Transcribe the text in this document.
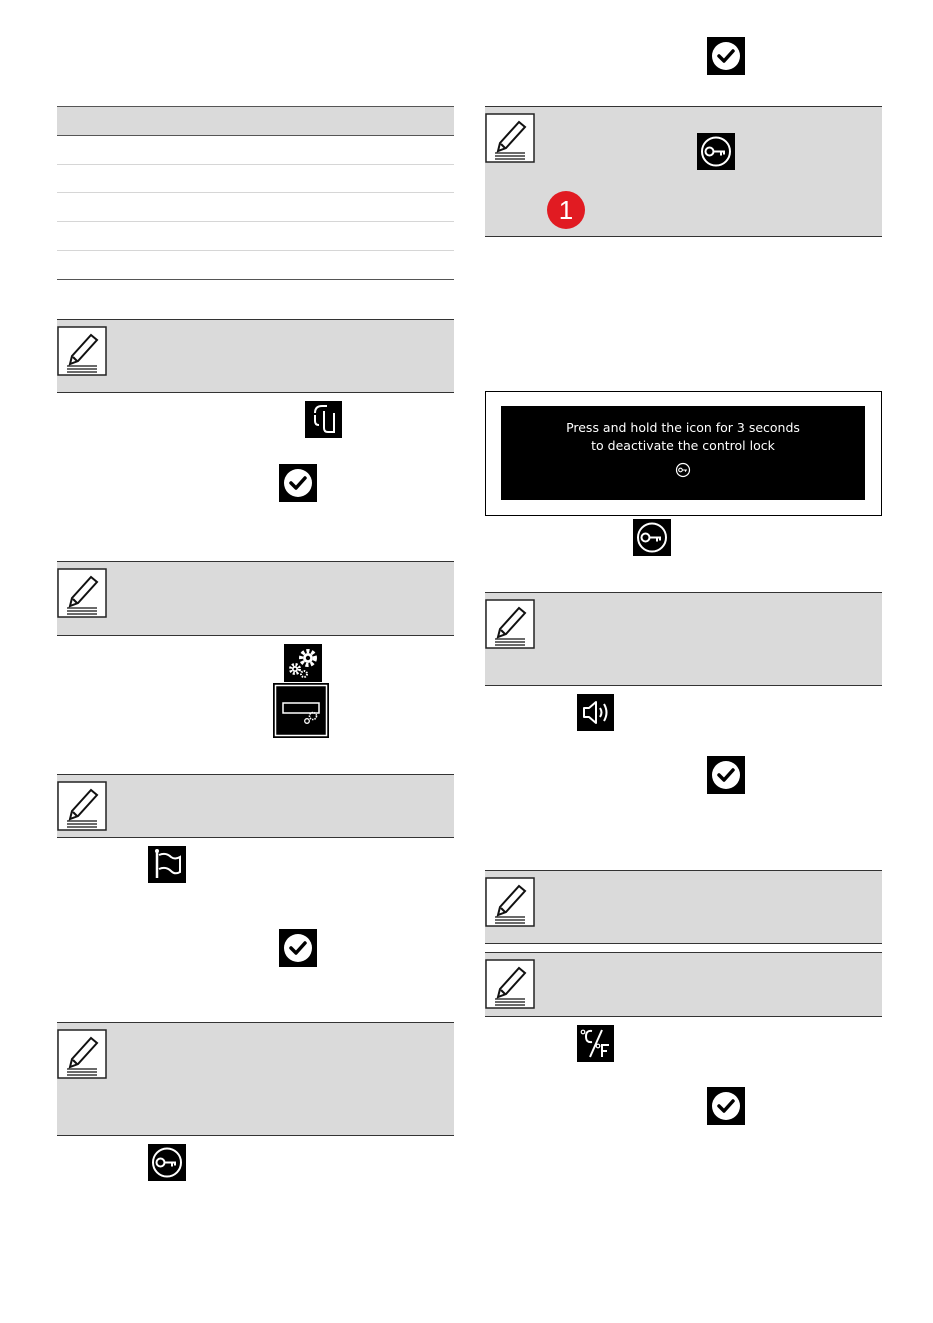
1
Press and hold the icon for 3 seconds
to deactivate the control lock
